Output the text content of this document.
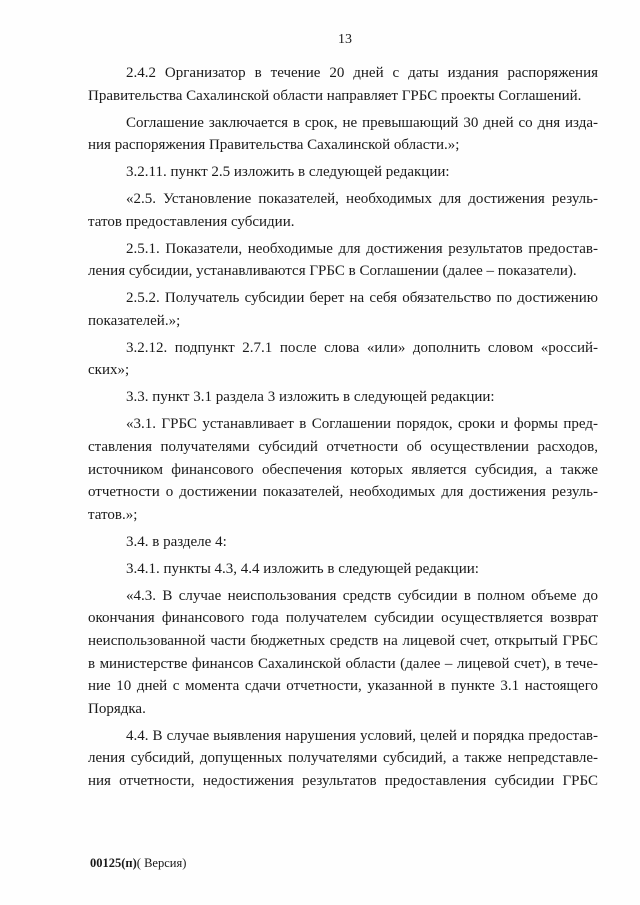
13
2.4.2 Организатор в течение 20 дней с даты издания распоряжения
Правительства Сахалинской области направляет ГРБС проекты Соглашений.
Соглашение заключается в срок, не превышающий 30 дней со дня изда-
ния распоряжения Правительства Сахалинской области.»;
3.2.11. пункт 2.5 изложить в следующей редакции:
«2.5. Установление показателей, необходимых для достижения резуль-
татов предоставления субсидии.
2.5.1. Показатели, необходимые для достижения результатов предостав-
ления субсидии, устанавливаются ГРБС в Соглашении (далее – показатели).
2.5.2. Получатель субсидии берет на себя обязательство по достижению
показателей.»;
3.2.12. подпункт 2.7.1 после слова «или» дополнить словом «россий-
ских»;
3.3. пункт 3.1 раздела 3 изложить в следующей редакции:
«3.1. ГРБС устанавливает в Соглашении порядок, сроки и формы пред-
ставления получателями субсидий отчетности об осуществлении расходов,
источником финансового обеспечения которых является субсидия, а также
отчетности о достижении показателей, необходимых для достижения резуль-
татов.»;
3.4. в разделе 4:
3.4.1. пункты 4.3, 4.4 изложить в следующей редакции:
«4.3. В случае неиспользования средств субсидии в полном объеме до
окончания финансового года получателем субсидии осуществляется возврат
неиспользованной части бюджетных средств на лицевой счет, открытый ГРБС
в министерстве финансов Сахалинской области (далее – лицевой счет), в тече-
ние 10 дней с момента сдачи отчетности, указанной в пункте 3.1 настоящего
Порядка.
4.4. В случае выявления нарушения условий, целей и порядка предостав-
ления субсидий, допущенных получателями субсидий, а также непредставле-
ния отчетности, недостижения результатов предоставления субсидии ГРБС
00125(п)( Версия)
